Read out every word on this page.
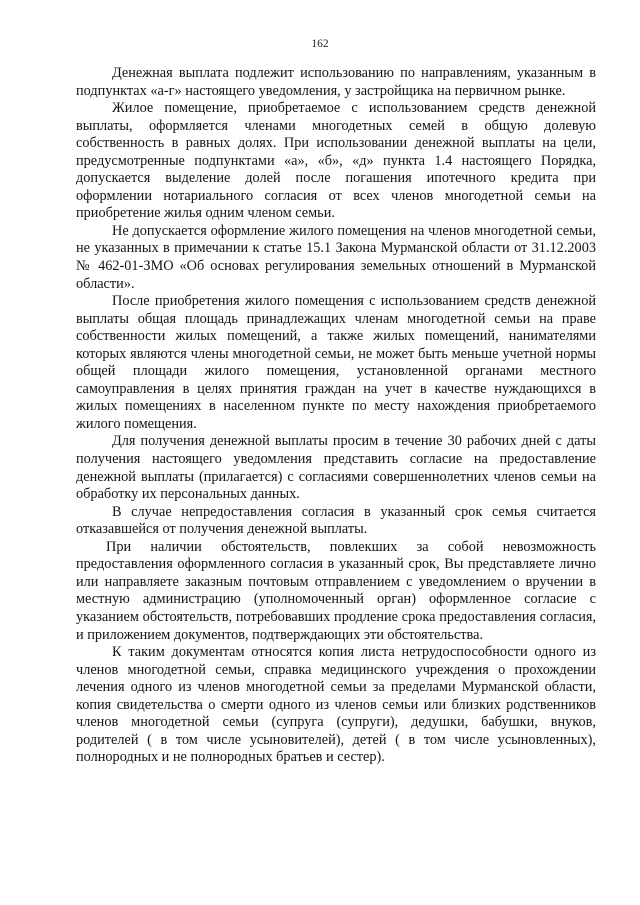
162

Денежная выплата подлежит использованию по направлениям, указанным в подпунктах «а-г» настоящего уведомления, у застройщика на первичном рынке.

Жилое помещение, приобретаемое с использованием средств денежной выплаты, оформляется членами многодетных семей в общую долевую собственность в равных долях. При использовании денежной выплаты на цели, предусмотренные подпунктами «а», «б», «д» пункта 1.4 настоящего Порядка, допускается выделение долей после погашения ипотечного кредита при оформлении нотариального согласия от всех членов многодетной семьи на приобретение жилья одним членом семьи.

Не допускается оформление жилого помещения на членов многодетной семьи, не указанных в примечании к статье 15.1 Закона Мурманской области от 31.12.2003 № 462-01-ЗМО «Об основах регулирования земельных отношений в Мурманской области».

После приобретения жилого помещения с использованием средств денежной выплаты общая площадь принадлежащих членам многодетной семьи на праве собственности жилых помещений, а также жилых помещений, нанимателями которых являются члены многодетной семьи, не может быть меньше учетной нормы общей площади жилого помещения, установленной органами местного самоуправления в целях принятия граждан на учет в качестве нуждающихся в жилых помещениях в населенном пункте по месту нахождения приобретаемого жилого помещения.

Для получения денежной выплаты просим в течение 30 рабочих дней с даты получения настоящего уведомления представить согласие на предоставление денежной выплаты (прилагается) с согласиями совершеннолетних членов семьи на обработку их персональных данных.

В случае непредоставления согласия в указанный срок семья считается отказавшейся от получения денежной выплаты.

При наличии обстоятельств, повлекших за собой невозможность предоставления оформленного согласия в указанный срок, Вы представляете лично или направляете заказным почтовым отправлением с уведомлением о вручении в местную администрацию (уполномоченный орган) оформленное согласие с указанием обстоятельств, потребовавших продление срока предоставления согласия, и приложением документов, подтверждающих эти обстоятельства.

К таким документам относятся копия листа нетрудоспособности одного из членов многодетной семьи, справка медицинского учреждения о прохождении лечения одного из членов многодетной семьи за пределами Мурманской области, копия свидетельства о смерти одного из членов семьи или близких родственников членов многодетной семьи (супруга (супруги), дедушки, бабушки, внуков, родителей ( в том числе усыновителей), детей ( в том числе усыновленных), полнородных и не полнородных братьев и сестер).
